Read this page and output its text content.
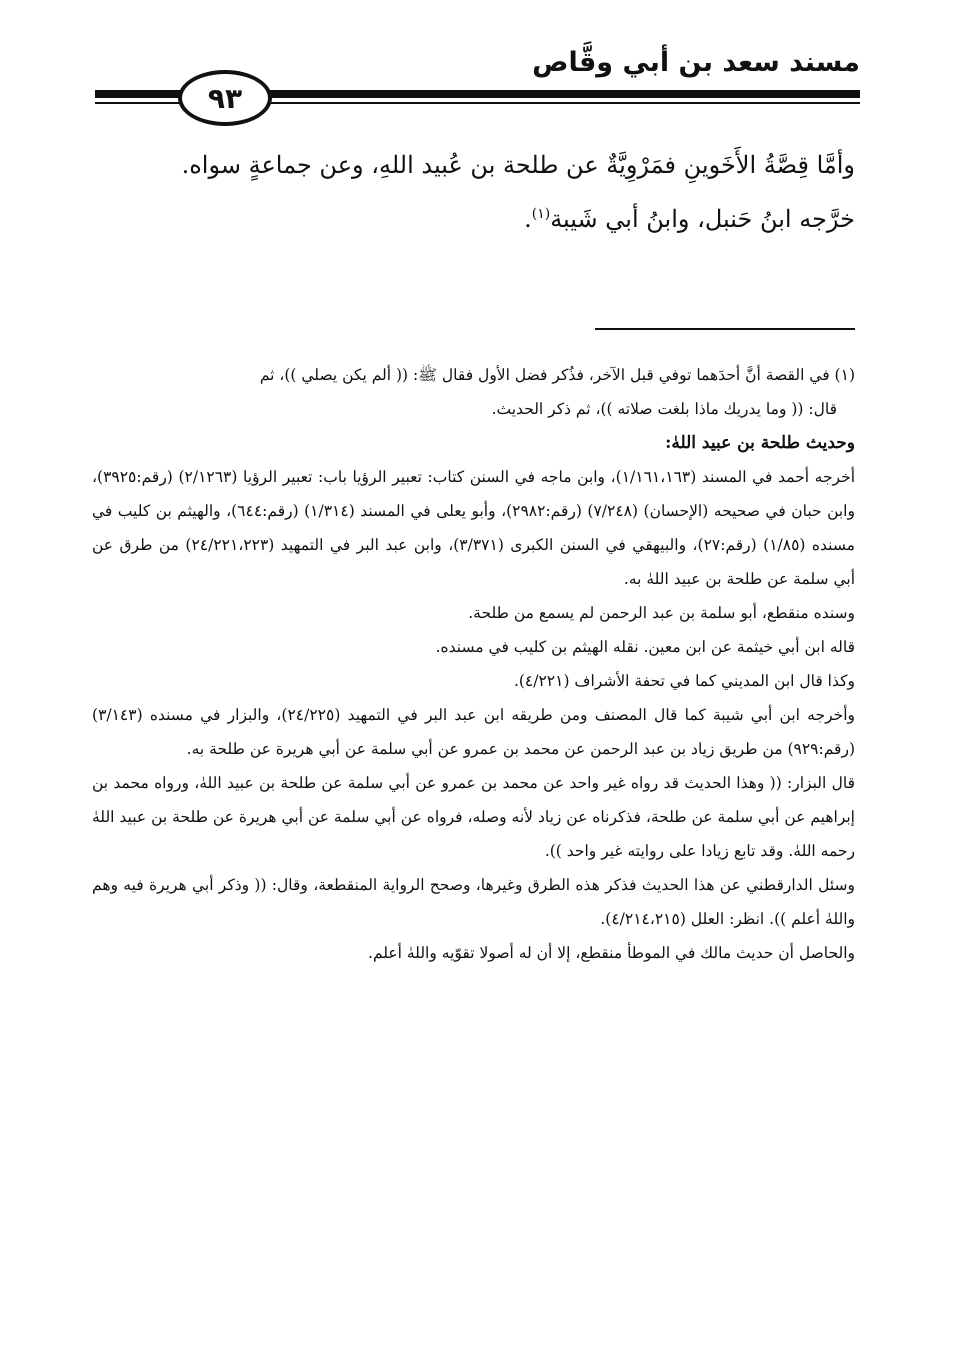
مسند سعد بن أبي وقَّاص
٩٣

وأمَّا قِصَّةُ الأَخَوينِ فمَرْوِيَّةٌ عن طلحة بن عُبيد اللهِ، وعن جماعةٍ سواه.

خرَّجه ابنُ حَنبل، وابنُ أبي شَيبة$^{(١)}$.

(١) في القصة أنَّ أحدَهما توفي قبل الآخر، فذُكر فضل الأول فقال ﷺ: (( ألم يكن يصلي ))، ثم

قال: (( وما يدريك ماذا بلغت صلاته ))، ثم ذكر الحديث.

وحديث طلحة بن عبيد اللهٰ:

أخرجه أحمد في المسند (١/١٦١،١٦٣)، وابن ماجه في السنن كتاب: تعبير الرؤيا باب: تعبير الرؤيا (٢/١٢٦٣) (رقم:٣٩٢٥)، وابن حبان في صحيحه (الإحسان) (٧/٢٤٨) (رقم:٢٩٨٢)، وأبو يعلى في المسند (١/٣١٤) (رقم:٦٤٤)، والهيثم بن كليب في مسنده (١/٨٥) (رقم:٢٧)، والبيهقي في السنن الكبرى (٣/٣٧١)، وابن عبد البر في التمهيد (٢٤/٢٢١،٢٢٣) من طرق عن أبي سلمة عن طلحة بن عبيد اللهٰ به.

وسنده منقطع، أبو سلمة بن عبد الرحمن لم يسمع من طلحة.

قاله ابن أبي خيثمة عن ابن معين. نقله الهيثم بن كليب في مسنده.

وكذا قال ابن المديني كما في تحفة الأشراف (٤/٢٢١).

وأخرجه ابن أبي شيبة كما قال المصنف ومن طريقه ابن عبد البر في التمهيد (٢٤/٢٢٥)، والبزار في مسنده (٣/١٤٣) (رقم:٩٢٩) من طريق زياد بن عبد الرحمن عن محمد بن عمرو عن أبي سلمة عن أبي هريرة عن طلحة به.

قال البزار: (( وهذا الحديث قد رواه غير واحد عن محمد بن عمرو عن أبي سلمة عن طلحة بن عبيد اللهٰ، ورواه محمد بن إبراهيم عن أبي سلمة عن طلحة، فذكرناه عن زياد لأنه وصله، فرواه عن أبي سلمة عن أبي هريرة عن طلحة بن عبيد اللهٰ رحمه اللهٰ. وقد تابع زيادا على روايته غير واحد )).

وسئل الدارقطني عن هذا الحديث فذكر هذه الطرق وغيرها، وصحح الرواية المنقطعة، وقال: (( وذكر أبي هريرة فيه وهم واللهٰ أعلم )). انظر: العلل (٤/٢١٤،٢١٥).

والحاصل أن حديث مالك في الموطأ منقطع، إلا أن له أصولا تقوّيه واللهٰ أعلم.
